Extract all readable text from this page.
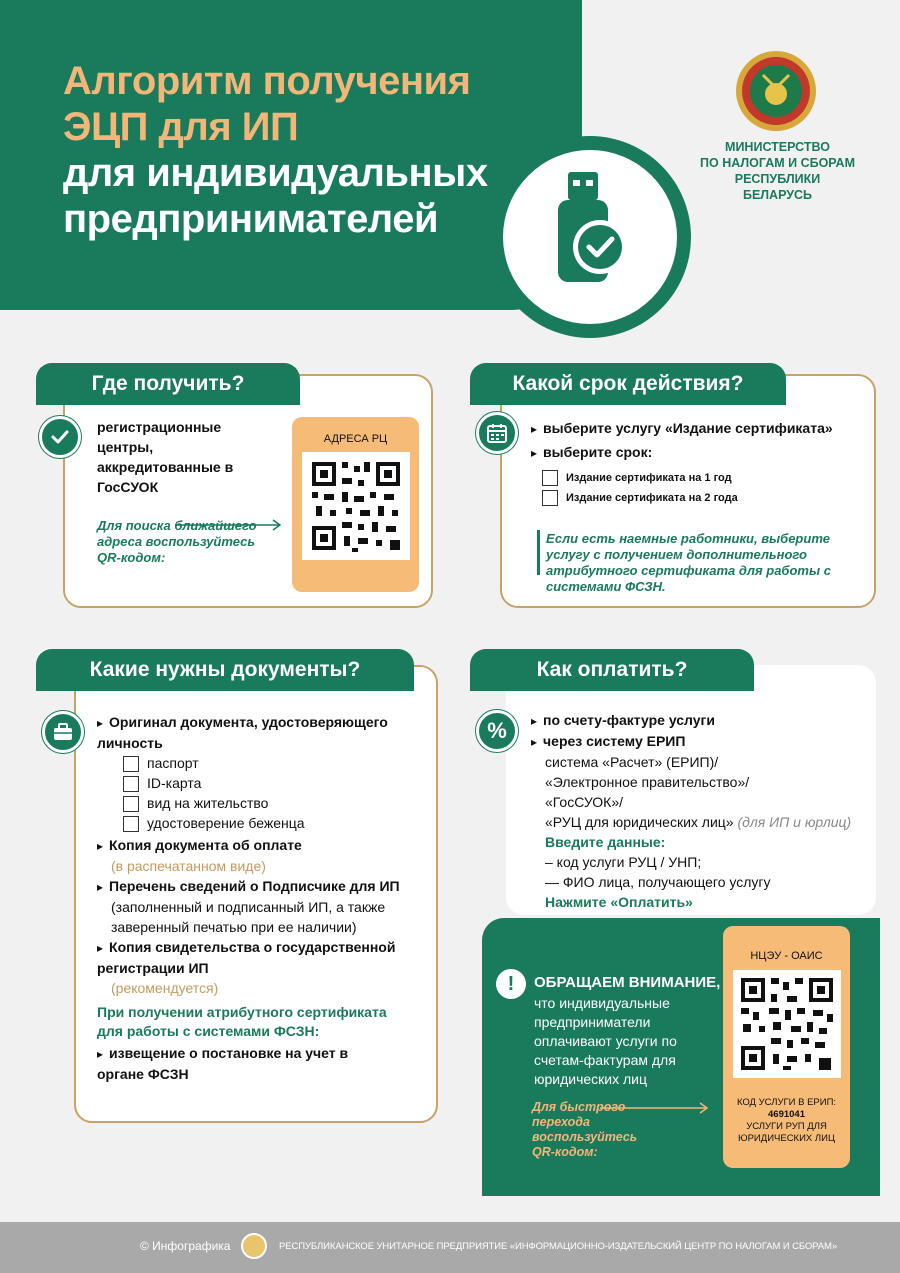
Алгоритм получения
ЭЦП для ИП
для индивидуальных
предпринимателей
МИНИСТЕРСТВО
ПО НАЛОГАМ И СБОРАМ
РЕСПУБЛИКИ БЕЛАРУСЬ
Где получить?
регистрационные центры, аккредитованные в ГосСУОК
Для поиска ближайшего адреса воспользуйтесь QR-кодом:
АДРЕСА РЦ
Какой срок действия?
▸ выберите услугу «Издание сертификата»
▸ выберите срок:
Издание сертификата на 1 год
Издание сертификата на 2 года
Если есть наемные работники, выберите услугу с получением дополнительного атрибутного сертификата для работы с системами ФСЗН.
Какие нужны документы?
▸ Оригинал документа, удостоверяющего личность
паспорт
ID-карта
вид на жительство
удостоверение беженца
▸ Копия документа об оплате
(в распечатанном виде)
▸ Перечень сведений о Подписчике для ИП
(заполненный и подписанный ИП, а также заверенный печатью при ее наличии)
▸ Копия свидетельства о государственной регистрации ИП
(рекомендуется)
При получении атрибутного сертификата для работы с системами ФСЗН:
▸ извещение о постановке на учет в органе ФСЗН
Как оплатить?
%
▸	по счету-фактуре услуги
▸ через систему ЕРИП
система «Расчет» (ЕРИП)/
«Электронное правительство»/
«ГосСУОК»/
«РУЦ для юридических лиц» (для ИП и юрлиц)
Введите данные:
– код услуги РУЦ / УНП;
— ФИО лица, получающего услугу
Нажмите «Оплатить»
!	ОБРАЩАЕМ ВНИМАНИЕ,
что индивидуальные предприниматели оплачивают услуги по счетам-фактурам для юридических лиц
Для быстрого перехода воспользуйтесь QR-кодом:
НЦЭУ - ОАИС
КОД УСЛУГИ В ЕРИП:
4691041
УСЛУГИ РУП ДЛЯ ЮРИДИЧЕСКИХ ЛИЦ
© Инфографика	РЕСПУБЛИКАНСКОЕ УНИТАРНОЕ ПРЕДПРИЯТИЕ «ИНФОРМАЦИОННО-ИЗДАТЕЛЬСКИЙ ЦЕНТР ПО НАЛОГАМ И СБОРАМ»
